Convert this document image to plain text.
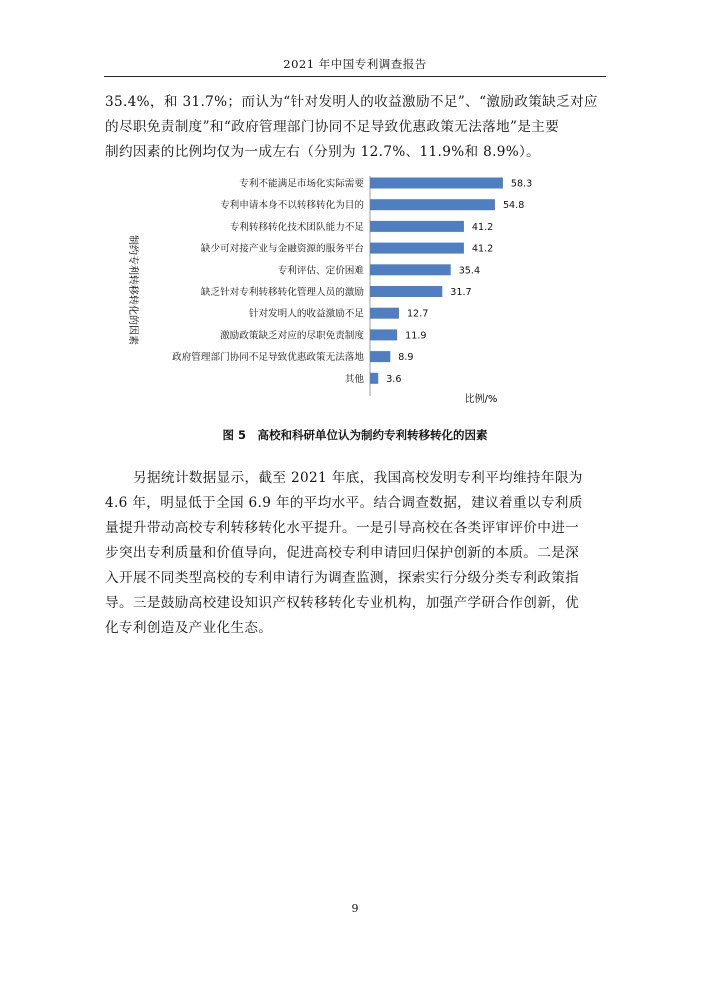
2021 年中国专利调查报告
35.4%，和 31.7%；而认为“针对发明人的收益激励不足”、“激励政策缺乏对应
的尽职免责制度”和“政府管理部门协同不足导致优惠政策无法落地”是主要
制约因素的比例均仅为一成左右（分别为 12.7%、11.9%和 8.9%）。
制约专利转移转化的因素
专利不能满足市场化实际需要	58.3
专利申请本身不以转移转化为目的	54.8
专利转移转化技术团队能力不足	41.2
缺少可对接产业与金融资源的服务平台	41.2
专利评估、定价困难	35.4
缺乏针对专利转移转化管理人员的激励	31.7
针对发明人的收益激励不足	12.7
激励政策缺乏对应的尽职免责制度	11.9
政府管理部门协同不足导致优惠政策无法落地	8.9
其他 3.6
比例/%
图 5　高校和科研单位认为制约专利转移转化的因素
另据统计数据显示，截至 2021 年底，我国高校发明专利平均维持年限为
4.6 年，明显低于全国 6.9 年的平均水平。结合调查数据，建议着重以专利质
量提升带动高校专利转移转化水平提升。一是引导高校在各类评审评价中进一
步突出专利质量和价值导向，促进高校专利申请回归保护创新的本质。二是深
入开展不同类型高校的专利申请行为调查监测，探索实行分级分类专利政策指
导。三是鼓励高校建设知识产权转移转化专业机构，加强产学研合作创新，优
化专利创造及产业化生态。
9
